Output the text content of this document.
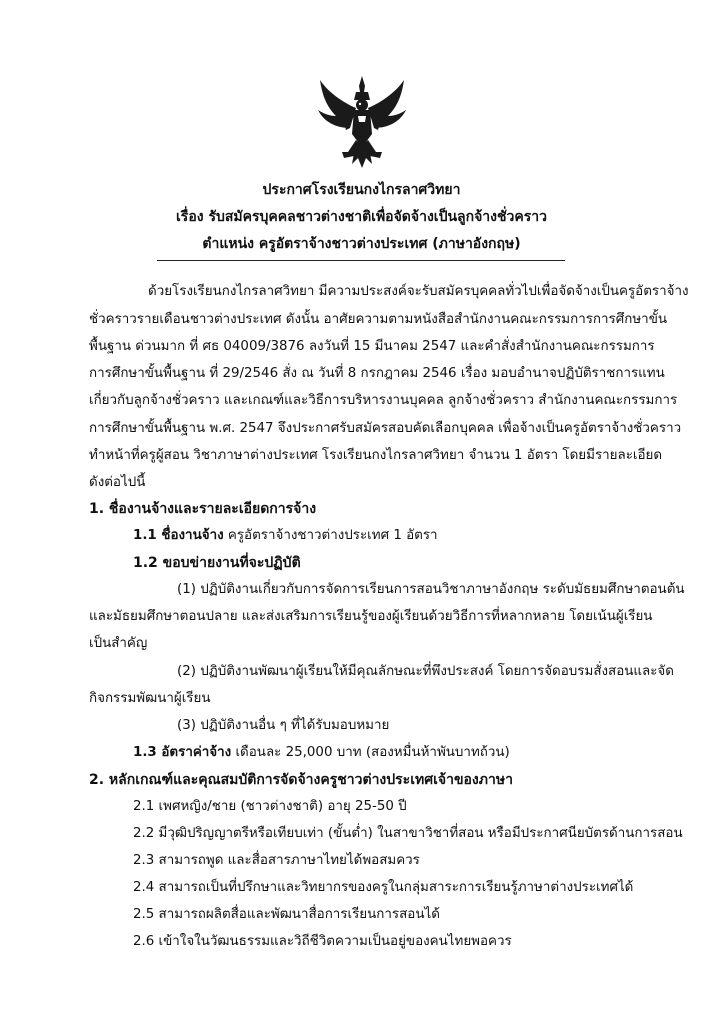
ประกาศโรงเรียนกงไกรลาศวิทยา
เรื่อง รับสมัครบุคคลชาวต่างชาติเพื่อจัดจ้างเป็นลูกจ้างชั่วคราว
ตำแหน่ง ครูอัตราจ้างชาวต่างประเทศ (ภาษาอังกฤษ)
ด้วยโรงเรียนกงไกรลาศวิทยา มีความประสงค์จะรับสมัครบุคคลทั่วไปเพื่อจัดจ้างเป็นครูอัตราจ้าง
ชั่วคราวรายเดือนชาวต่างประเทศ ดังนั้น อาศัยความตามหนังสือสำนักงานคณะกรรมการการศึกษาขั้น
พื้นฐาน ด่วนมาก ที่ ศธ 04009/3876 ลงวันที่ 15 มีนาคม 2547 และคำสั่งสำนักงานคณะกรรมการ
การศึกษาขั้นพื้นฐาน ที่ 29/2546 สั่ง ณ วันที่ 8 กรกฎาคม 2546 เรื่อง มอบอำนาจปฏิบัติราชการแทน
เกี่ยวกับลูกจ้างชั่วคราว และเกณฑ์และวิธีการบริหารงานบุคคล ลูกจ้างชั่วคราว สำนักงานคณะกรรมการ
การศึกษาขั้นพื้นฐาน พ.ศ. 2547 จึงประกาศรับสมัครสอบคัดเลือกบุคคล เพื่อจ้างเป็นครูอัตราจ้างชั่วคราว
ทำหน้าที่ครูผู้สอน วิชาภาษาต่างประเทศ โรงเรียนกงไกรลาศวิทยา จำนวน 1 อัตรา โดยมีรายละเอียด
ดังต่อไปนี้
1. ชื่องานจ้างและรายละเอียดการจ้าง
1.1 ชื่องานจ้าง ครูอัตราจ้างชาวต่างประเทศ 1 อัตรา
1.2 ขอบข่ายงานที่จะปฏิบัติ
(1) ปฏิบัติงานเกี่ยวกับการจัดการเรียนการสอนวิชาภาษาอังกฤษ ระดับมัธยมศึกษาตอนต้น
และมัธยมศึกษาตอนปลาย และส่งเสริมการเรียนรู้ของผู้เรียนด้วยวิธีการที่หลากหลาย โดยเน้นผู้เรียน
เป็นสำคัญ
(2) ปฏิบัติงานพัฒนาผู้เรียนให้มีคุณลักษณะที่พึงประสงค์ โดยการจัดอบรมสั่งสอนและจัด
กิจกรรมพัฒนาผู้เรียน
(3) ปฏิบัติงานอื่น ๆ ที่ได้รับมอบหมาย
1.3 อัตราค่าจ้าง เดือนละ 25,000 บาท (สองหมื่นห้าพันบาทถ้วน)
2. หลักเกณฑ์และคุณสมบัติการจัดจ้างครูชาวต่างประเทศเจ้าของภาษา
2.1 เพศหญิง/ชาย (ชาวต่างชาติ) อายุ 25-50 ปี
2.2 มีวุฒิปริญญาตรีหรือเทียบเท่า (ขั้นต่ำ) ในสาขาวิชาที่สอน หรือมีประกาศนียบัตรด้านการสอน
2.3 สามารถพูด และสื่อสารภาษาไทยได้พอสมควร
2.4 สามารถเป็นที่ปรึกษาและวิทยากรของครูในกลุ่มสาระการเรียนรู้ภาษาต่างประเทศได้
2.5 สามารถผลิตสื่อและพัฒนาสื่อการเรียนการสอนได้
2.6 เข้าใจในวัฒนธรรมและวิถีชีวิตความเป็นอยู่ของคนไทยพอควร
